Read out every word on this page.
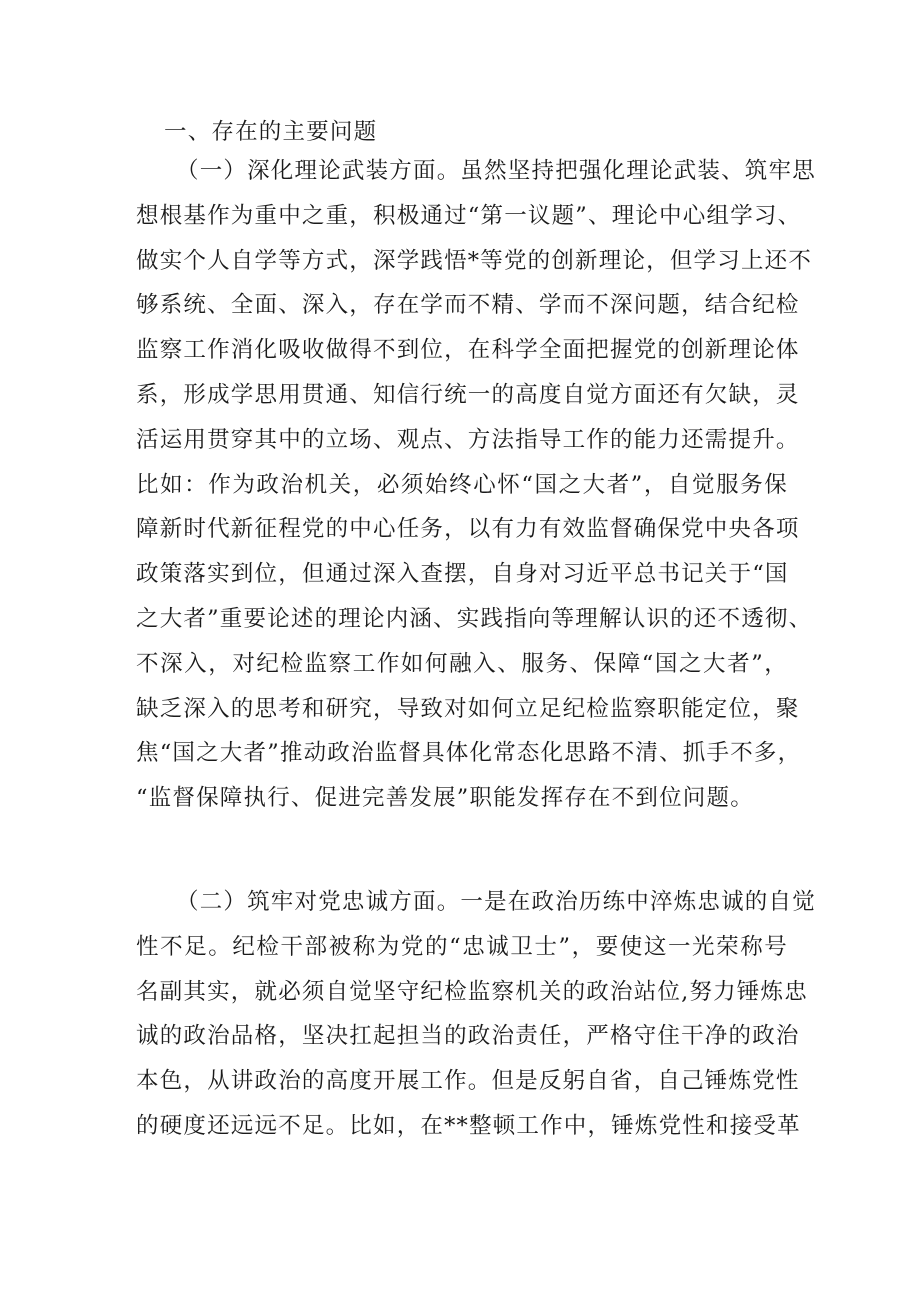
一、存在的主要问题
（一）深化理论武装方面。虽然坚持把强化理论武装、筑牢思
想根基作为重中之重，积极通过“第一议题”、理论中心组学习、
做实个人自学等方式，深学践悟*等党的创新理论，但学习上还不
够系统、全面、深入，存在学而不精、学而不深问题，结合纪检
监察工作消化吸收做得不到位，在科学全面把握党的创新理论体
系，形成学思用贯通、知信行统一的高度自觉方面还有欠缺，灵
活运用贯穿其中的立场、观点、方法指导工作的能力还需提升。
比如：作为政治机关，必须始终心怀“国之大者”，自觉服务保
障新时代新征程党的中心任务，以有力有效监督确保党中央各项
政策落实到位，但通过深入查摆，自身对习近平总书记关于“国
之大者”重要论述的理论内涵、实践指向等理解认识的还不透彻、
不深入，对纪检监察工作如何融入、服务、保障“国之大者”，
缺乏深入的思考和研究，导致对如何立足纪检监察职能定位，聚
焦“国之大者”推动政治监督具体化常态化思路不清、抓手不多，
“监督保障执行、促进完善发展”职能发挥存在不到位问题。
（二）筑牢对党忠诚方面。一是在政治历练中淬炼忠诚的自觉
性不足。纪检干部被称为党的“忠诚卫士”，要使这一光荣称号
名副其实，就必须自觉坚守纪检监察机关的政治站位,努力锤炼忠
诚的政治品格，坚决扛起担当的政治责任，严格守住干净的政治
本色，从讲政治的高度开展工作。但是反躬自省，自己锤炼党性
的硬度还远远不足。比如，在**整顿工作中，锤炼党性和接受革
